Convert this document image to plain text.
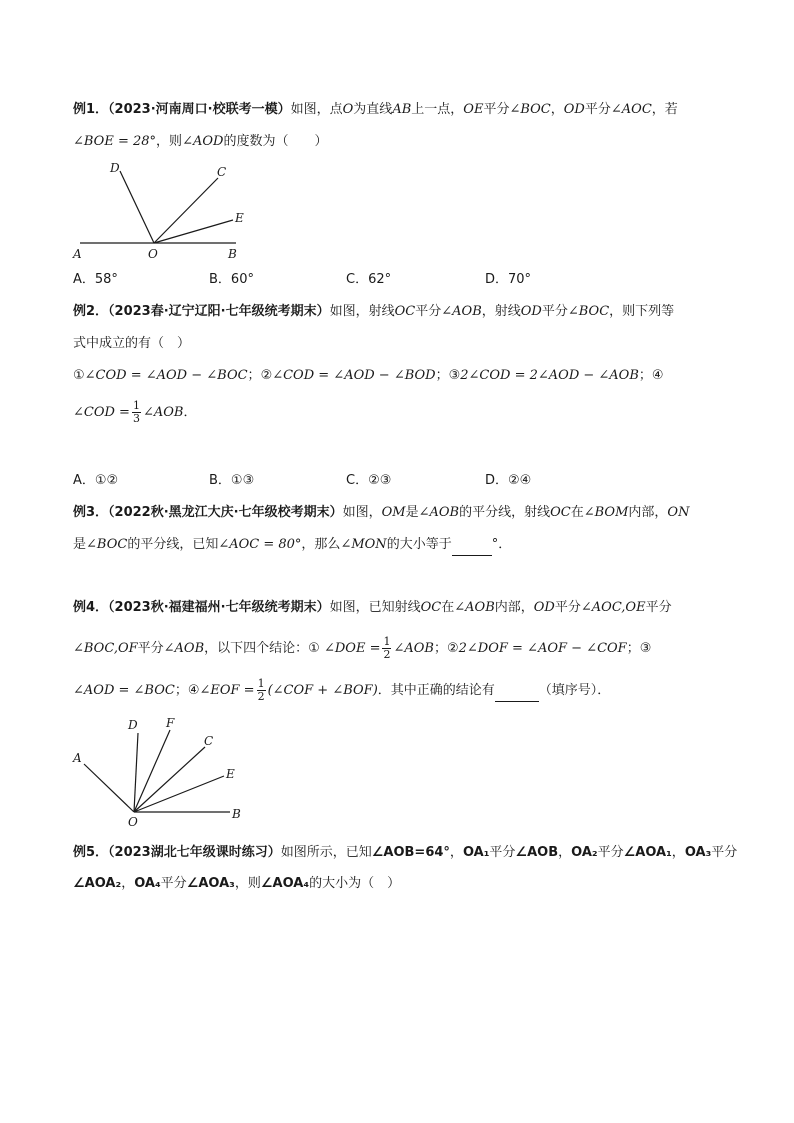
例1．（2023·河南周口·校联考一模）如图，点O为直线AB上一点，OE平分∠BOC，OD平分∠AOC，若
∠BOE = 28°，则∠AOD的度数为（　　）
D	C
E
A	O	B
A．58°	B．60°	C．62°	D．70°
例2．（2023春·辽宁辽阳·七年级统考期末）如图，射线OC平分∠AOB，射线OD平分∠BOC，则下列等
式中成立的有（　）
①∠COD = ∠AOD − ∠BOC；②∠COD = ∠AOD − ∠BOD；③2∠COD = 2∠AOD − ∠AOB；④
∠COD = $\frac{1}{3}$ ∠AOB．
A．①②	B．①③	C．②③	D．②④
例3．（2022秋·黑龙江大庆·七年级校考期末）如图，OM是∠AOB的平分线，射线OC在∠BOM内部，ON
是∠BOC的平分线，已知∠AOC = 80°，那么∠MON的大小等于	°．
例4．（2023秋·福建福州·七年级统考期末）如图，已知射线OC在∠AOB内部，OD平分∠AOC,OE平分
∠BOC,OF平分∠AOB，以下四个结论：① ∠DOE = $\frac{1}{2}$ ∠AOB；②2∠DOF = ∠AOF − ∠COF；③
∠AOD = ∠BOC；④∠EOF = $\frac{1}{2}$ (∠COF + ∠BOF)．其中正确的结论有	（填序号）．
A
D F
C
E
O
B
例5．（2023湖北七年级课时练习）如图所示，已知∠AOB=64°，OA₁平分∠AOB，OA₂平分∠AOA₁，OA₃平分
∠AOA₂，OA₄平分∠AOA₃，则∠AOA₄的大小为（　）
